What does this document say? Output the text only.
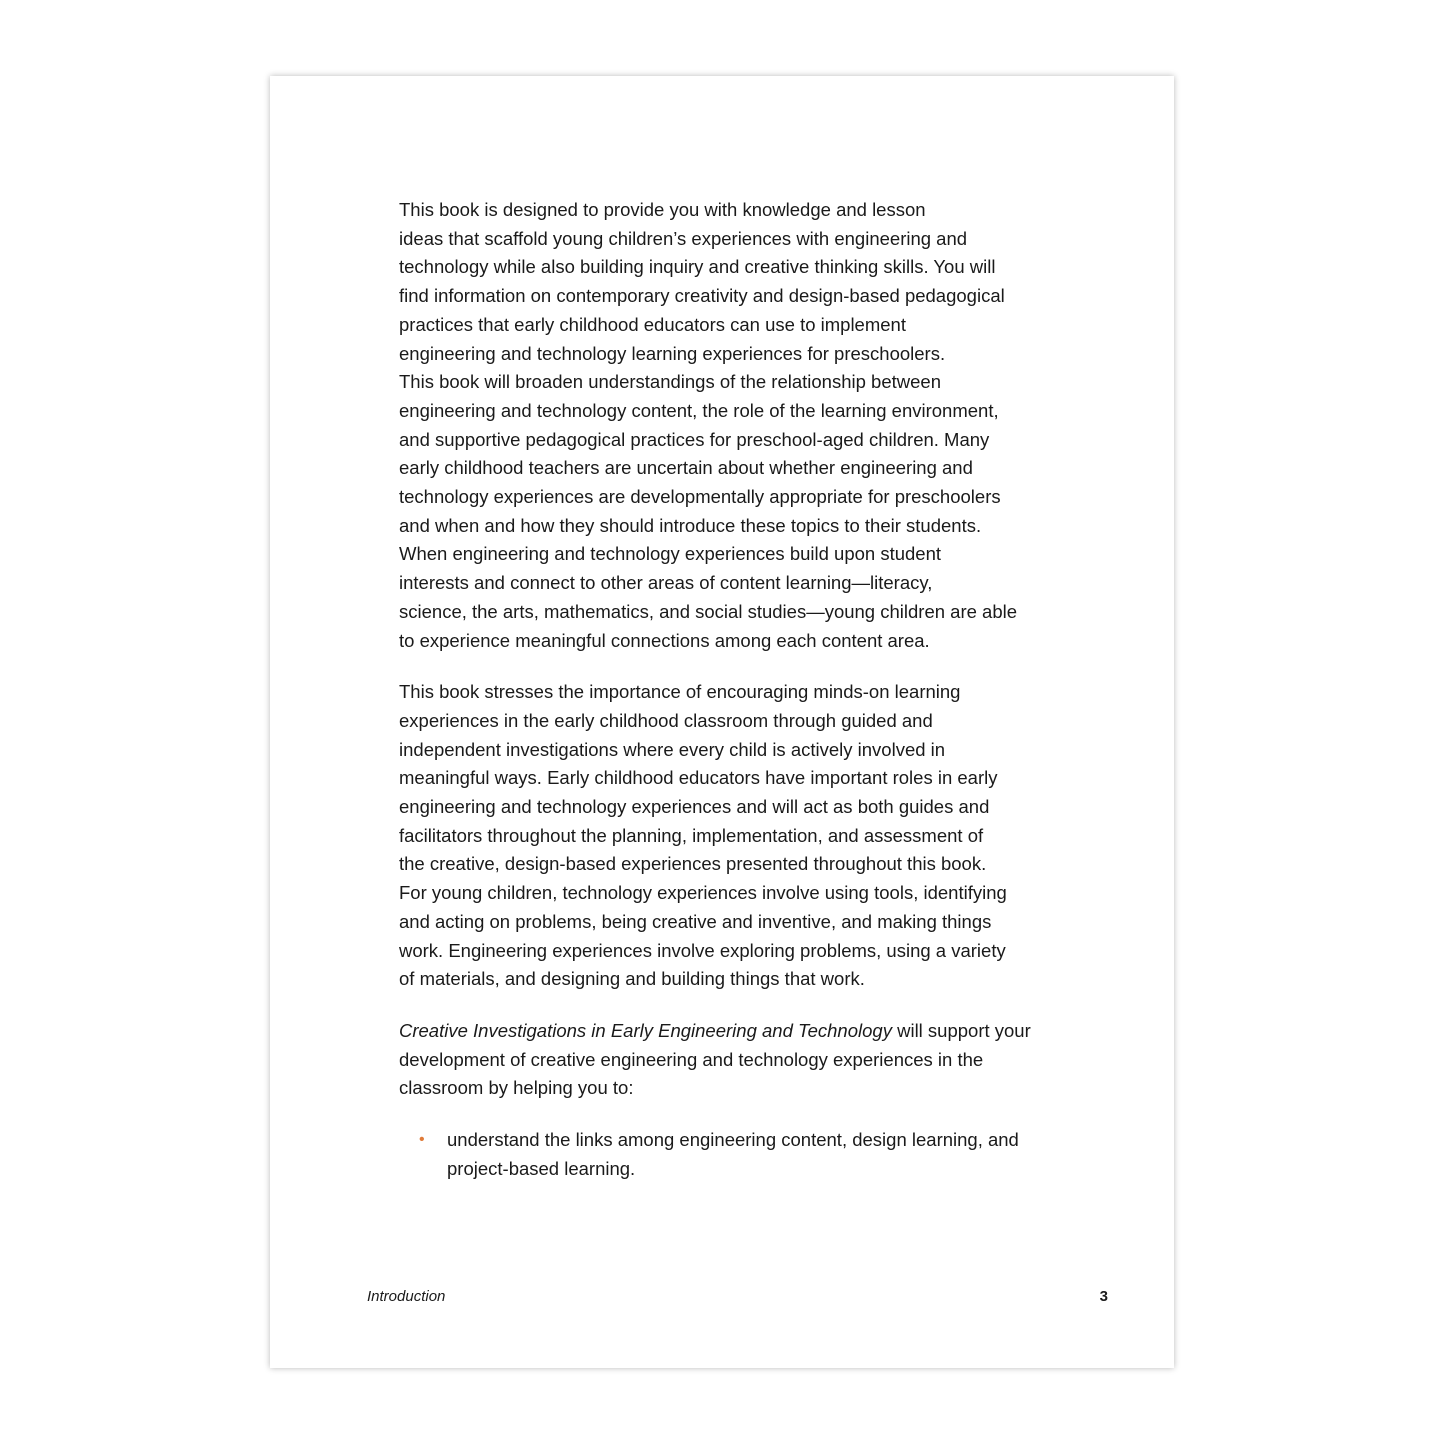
This book is designed to provide you with knowledge and lesson
ideas that scaffold young children’s experiences with engineering and
technology while also building inquiry and creative thinking skills. You will
find information on contemporary creativity and design-based pedagogical
practices that early childhood educators can use to implement
engineering and technology learning experiences for preschoolers.
This book will broaden understandings of the relationship between
engineering and technology content, the role of the learning environment,
and supportive pedagogical practices for preschool-aged children. Many
early childhood teachers are uncertain about whether engineering and
technology experiences are developmentally appropriate for preschoolers
and when and how they should introduce these topics to their students.
When engineering and technology experiences build upon student
interests and connect to other areas of content learning—literacy,
science, the arts, mathematics, and social studies—young children are able
to experience meaningful connections among each content area.
This book stresses the importance of encouraging minds-on learning
experiences in the early childhood classroom through guided and
independent investigations where every child is actively involved in
meaningful ways. Early childhood educators have important roles in early
engineering and technology experiences and will act as both guides and
facilitators throughout the planning, implementation, and assessment of
the creative, design-based experiences presented throughout this book.
For young children, technology experiences involve using tools, identifying
and acting on problems, being creative and inventive, and making things
work. Engineering experiences involve exploring problems, using a variety
of materials, and designing and building things that work.
Creative Investigations in Early Engineering and Technology will support your
development of creative engineering and technology experiences in the
classroom by helping you to:
•	understand the links among engineering content, design learning, and
project-based learning.
Introduction	3
